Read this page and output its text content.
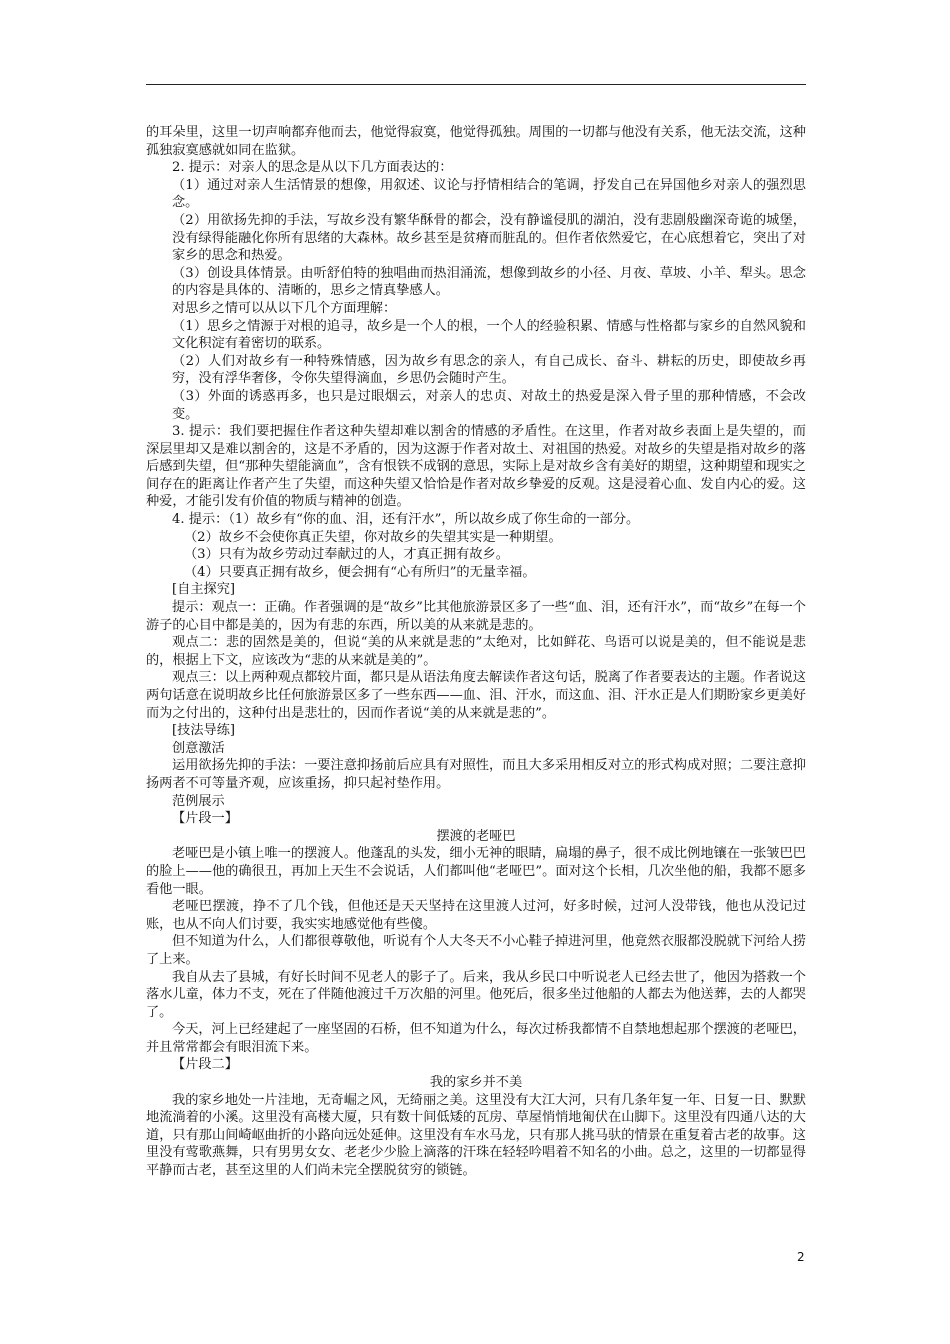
的耳朵里，这里一切声响都弃他而去，他觉得寂寞，他觉得孤独。周围的一切都与他没有关系，他无法交流，这种孤独寂寞感就如同在监狱。

2. 提示：对亲人的思念是从以下几方面表达的：

（1）通过对亲人生活情景的想像，用叙述、议论与抒情相结合的笔调，抒发自己在异国他乡对亲人的强烈思念。

（2）用欲扬先抑的手法，写故乡没有繁华酥骨的都会，没有静谧侵肌的湖泊，没有悲剧般幽深奇诡的城堡，没有绿得能融化你所有思绪的大森林。故乡甚至是贫瘠而脏乱的。但作者依然爱它，在心底想着它，突出了对家乡的思念和热爱。

（3）创设具体情景。由听舒伯特的独唱曲而热泪涌流，想像到故乡的小径、月夜、草坡、小羊、犁头。思念的内容是具体的、清晰的，思乡之情真挚感人。

对思乡之情可以从以下几个方面理解：

（1）思乡之情源于对根的追寻，故乡是一个人的根，一个人的经验积累、情感与性格都与家乡的自然风貌和文化积淀有着密切的联系。

（2）人们对故乡有一种特殊情感，因为故乡有思念的亲人，有自己成长、奋斗、耕耘的历史，即使故乡再穷，没有浮华奢侈，令你失望得滴血，乡思仍会随时产生。

（3）外面的诱惑再多，也只是过眼烟云，对亲人的忠贞、对故土的热爱是深入骨子里的那种情感，不会改变。

3. 提示：我们要把握住作者这种失望却难以割舍的情感的矛盾性。在这里，作者对故乡表面上是失望的，而深层里却又是难以割舍的，这是不矛盾的，因为这源于作者对故土、对祖国的热爱。对故乡的失望是指对故乡的落后感到失望，但“那种失望能滴血”，含有恨铁不成钢的意思，实际上是对故乡含有美好的期望，这种期望和现实之间存在的距离让作者产生了失望，而这种失望又恰恰是作者对故乡挚爱的反观。这是浸着心血、发自内心的爱。这种爱，才能引发有价值的物质与精神的创造。

4. 提示：（1）故乡有“你的血、泪，还有汗水”，所以故乡成了你生命的一部分。

（2）故乡不会使你真正失望，你对故乡的失望其实是一种期望。

（3）只有为故乡劳动过奉献过的人，才真正拥有故乡。

（4）只要真正拥有故乡，便会拥有“心有所归”的无量幸福。

[自主探究]

提示：观点一：正确。作者强调的是“故乡”比其他旅游景区多了一些“血、泪，还有汗水”，而“故乡”在每一个游子的心目中都是美的，因为有悲的东西，所以美的从来就是悲的。

观点二：悲的固然是美的，但说“美的从来就是悲的”太绝对，比如鲜花、鸟语可以说是美的，但不能说是悲的，根据上下文，应该改为“悲的从来就是美的”。

观点三：以上两种观点都较片面，都只是从语法角度去解读作者这句话，脱离了作者要表达的主题。作者说这两句话意在说明故乡比任何旅游景区多了一些东西——血、泪、汗水，而这血、泪、汗水正是人们期盼家乡更美好而为之付出的，这种付出是悲壮的，因而作者说“美的从来就是悲的”。

[技法导练]

创意激活

运用欲扬先抑的手法：一要注意抑扬前后应具有对照性，而且大多采用相反对立的形式构成对照；二要注意抑扬两者不可等量齐观，应该重扬，抑只起衬垫作用。

范例展示

【片段一】

摆渡的老哑巴

老哑巴是小镇上唯一的摆渡人。他蓬乱的头发，细小无神的眼睛，扁塌的鼻子，很不成比例地镶在一张皱巴巴的脸上——他的确很丑，再加上天生不会说话，人们都叫他“老哑巴”。面对这个长相，几次坐他的船，我都不愿多看他一眼。

老哑巴摆渡，挣不了几个钱，但他还是天天坚持在这里渡人过河，好多时候，过河人没带钱，他也从没记过账，也从不向人们讨要，我实实地感觉他有些傻。

但不知道为什么，人们都很尊敬他，听说有个人大冬天不小心鞋子掉进河里，他竟然衣服都没脱就下河给人捞了上来。

我自从去了县城，有好长时间不见老人的影子了。后来，我从乡民口中听说老人已经去世了，他因为搭救一个落水儿童，体力不支，死在了伴随他渡过千万次船的河里。他死后，很多坐过他船的人都去为他送葬，去的人都哭了。

今天，河上已经建起了一座坚固的石桥，但不知道为什么，每次过桥我都情不自禁地想起那个摆渡的老哑巴，并且常常都会有眼泪流下来。

【片段二】

我的家乡并不美

我的家乡地处一片洼地，无奇崛之风，无绮丽之美。这里没有大江大河，只有几条年复一年、日复一日、默默地流淌着的小溪。这里没有高楼大厦，只有数十间低矮的瓦房、草屋悄悄地匍伏在山脚下。这里没有四通八达的大道，只有那山间崎岖曲折的小路向远处延伸。这里没有车水马龙，只有那人挑马驮的情景在重复着古老的故事。这里没有莺歌燕舞，只有男男女女、老老少少脸上滴落的汗珠在轻轻吟唱着不知名的小曲。总之，这里的一切都显得平静而古老，甚至这里的人们尚未完全摆脱贫穷的锁链。

2
